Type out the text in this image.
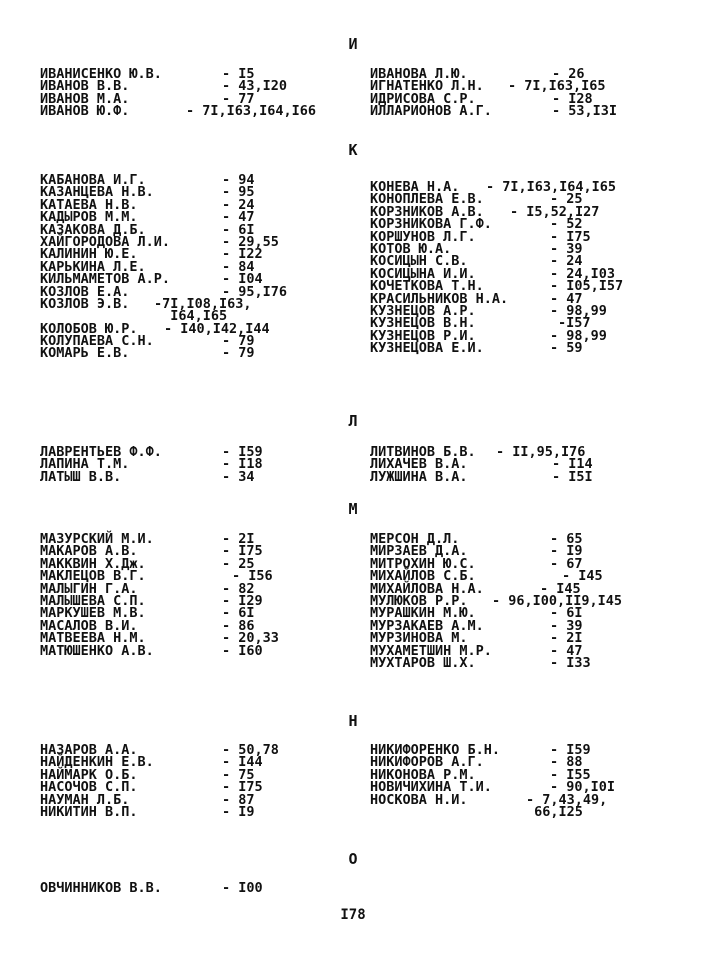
И
ИВАНИСЕНКО Ю.В.	- I5
ИВАНОВ В.В.	- 43,I20
ИВАНОВ М.А.	- 77
ИВАНОВ Ю.Ф.	- 7I,I63,I64,I66
ИВАНОВА Л.Ю.	- 26
ИГНАТЕНКО Л.Н. - 7I,I63,I65
ИДРИСОВА С.Р.	- I28
ИЛЛАРИОНОВ А.Г.	- 53,I3I
К
КАБАНОВА И.Г.	- 94
КАЗАНЦЕВА Н.В.	- 95
КАТАЕВА Н.В.	- 24
КАДЫРОВ М.М.	- 47
КАЗАКОВА Д.Б.	- 6I
ХАЙГОРОДОВА Л.И.	- 29,55
КАЛИНИН Ю.Е.	- I22
КАРЬКИНА Л.Е.	- 84
КИЛЬМАМЕТОВ А.Р.	- I04
КОЗЛОВ Е.А.	- 95,I76
КОЗЛОВ Э.В. -7I,I08,I63,
I64,I65
КОЛОБОВ Ю.Р. - I40,I42,I44
КОЛУПАЕВА С.Н.	- 79
КОМАРЬ Е.В.	- 79
КОНЕВА Н.А. - 7I,I63,I64,I65
КОНОПЛЕВА Е.В.	- 25
КОРЗНИКОВ А.В. - I5,52,I27
КОРЗНИКОВА Г.Ф.	- 52
КОРШУНОВ Л.Г.	- I75
КОТОВ Ю.А.	- 39
КОСИЦЫН С.В.	- 24
КОСИЦЫНА И.И.	- 24,I03
КОЧЕТКОВА Т.Н.	- I05,I57
КРАСИЛЬНИКОВ Н.А.	- 47
КУЗНЕЦОВ А.Р.	- 98,99
КУЗНЕЦОВ В.Н.	-I57
КУЗНЕЦОВ Р.И.	- 98,99
КУЗНЕЦОВА Е.И.	- 59
Л
ЛАВРЕНТЬЕВ Ф.Ф.	- I59
ЛАПИНА Т.М.	- I18
ЛАТЫШ В.В.	- 34
ЛИТВИНОВ Б.В. - II,95,I76
ЛИХАЧЕВ В.А.	- I14
ЛУЖШИНА В.А.	- I5I
М
МАЗУРСКИЙ М.И.	- 2I
МАКАРОВ А.В.	- I75
МАККВИН Х.Дж.	- 25
МАКЛЕЦОВ В.Г.	- I56
МАЛЫГИН Г.А.	- 82
МАЛЫШЕВА С.П.	- I29
МАРКУШЕВ М.В.	- 6I
МАСАЛОВ В.И.	- 86
МАТВЕЕВА Н.М.	- 20,33
МАТЮШЕНКО А.В.	- I60
МЕРСОН Д.Л.	- 65
МИРЗАЕВ Д.А.	- I9
МИТРОХИН Ю.С.	- 67
МИХАЙЛОВ С.Б.	- I45
МИХАЙЛОВА Н.А.	- I45
МУЛЮКОВ Р.Р. - 96,I00,II9,I45
МУРАШКИН М.Ю.	- 6I
МУРЗАКАЕВ А.М.	- 39
МУРЗИНОВА М.	- 2I
МУХАМЕТШИН М.Р.	- 47
МУХТАРОВ Ш.Х.	- I33
Н
НАЗАРОВ А.А.	- 50,78
НАЙДЕНКИН Е.В.	- I44
НАЙМАРК О.Б.	- 75
НАСОЧОВ С.П.	- I75
НАУМАН Л.Б.	- 87
НИКИТИН В.П.	- I9
НИКИФОРЕНКО Б.Н.	- I59
НИКИФОРОВ А.Г.	- 88
НИКОНОВА Р.М.	- I55
НОВИЧИХИНА Т.И.	- 90,I0I
НОСКОВА Н.И.	- 7,43,49,
66,I25
О
ОВЧИННИКОВ В.В.	- I00
I78
